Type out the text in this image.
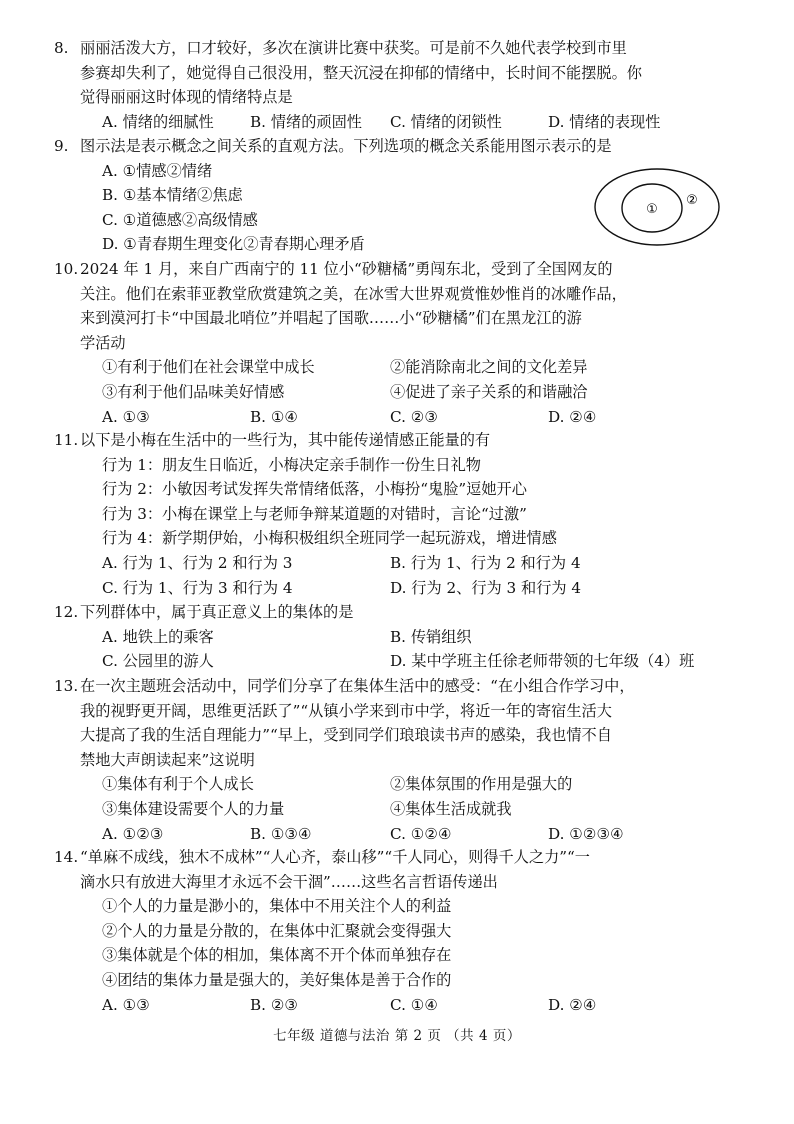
8. 丽丽活泼大方，口才较好，多次在演讲比赛中获奖。可是前不久她代表学校到市里
参赛却失利了，她觉得自己很没用，整天沉浸在抑郁的情绪中，长时间不能摆脱。你
觉得丽丽这时体现的情绪特点是
A. 情绪的细腻性 B. 情绪的顽固性 C. 情绪的闭锁性	D. 情绪的表现性
9. 图示法是表示概念之间关系的直观方法。下列选项的概念关系能用图示表示的是
A. ①情感②情绪
B. ①基本情绪②焦虑
C. ①道德感②高级情感
D. ①青春期生理变化②青春期心理矛盾
①
②
10. 2024 年 1 月，来自广西南宁的 11 位小“砂糖橘”勇闯东北，受到了全国网友的
关注。他们在索菲亚教堂欣赏建筑之美，在冰雪大世界观赏惟妙惟肖的冰雕作品，
来到漠河打卡“中国最北哨位”并唱起了国歌……小“砂糖橘”们在黑龙江的游
学活动
①有利于他们在社会课堂中成长	②能消除南北之间的文化差异
③有利于他们品味美好情感	④促进了亲子关系的和谐融洽
A. ①③	B. ①④	C. ②③	D. ②④
11. 以下是小梅在生活中的一些行为，其中能传递情感正能量的有
行为 1：朋友生日临近，小梅决定亲手制作一份生日礼物
行为 2：小敏因考试发挥失常情绪低落，小梅扮“鬼脸”逗她开心
行为 3：小梅在课堂上与老师争辩某道题的对错时，言论“过激”
行为 4：新学期伊始，小梅积极组织全班同学一起玩游戏，增进情感
A. 行为 1、行为 2 和行为 3	B. 行为 1、行为 2 和行为 4
C. 行为 1、行为 3 和行为 4	D. 行为 2、行为 3 和行为 4
12. 下列群体中，属于真正意义上的集体的是
A. 地铁上的乘客	B. 传销组织
C. 公园里的游人	D. 某中学班主任徐老师带领的七年级（4）班
13. 在一次主题班会活动中，同学们分享了在集体生活中的感受：“在小组合作学习中，
我的视野更开阔，思维更活跃了”“从镇小学来到市中学，将近一年的寄宿生活大
大提高了我的生活自理能力”“早上，受到同学们琅琅读书声的感染，我也情不自
禁地大声朗读起来”这说明
①集体有利于个人成长	②集体氛围的作用是强大的
③集体建设需要个人的力量	④集体生活成就我
A. ①②③	B. ①③④	C. ①②④	D. ①②③④
14. “单麻不成线，独木不成林”“人心齐，泰山移”“千人同心，则得千人之力”“一
滴水只有放进大海里才永远不会干涸”……这些名言哲语传递出
①个人的力量是渺小的，集体中不用关注个人的利益
②个人的力量是分散的，在集体中汇聚就会变得强大
③集体就是个体的相加，集体离不开个体而单独存在
④团结的集体力量是强大的，美好集体是善于合作的
A. ①③	B. ②③	C. ①④	D. ②④
七年级 道德与法治 第 2 页 （共 4 页）
